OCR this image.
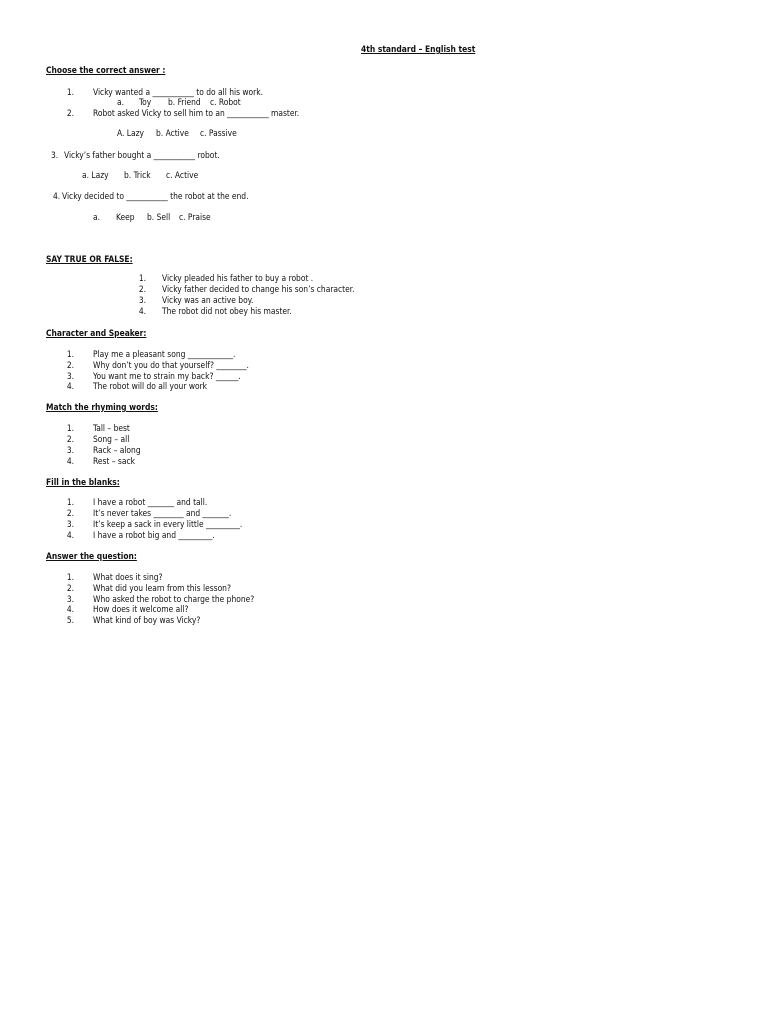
4th standard – English test
Choose the correct answer :
1. Vicky wanted a ___________ to do all his work.
a. Toy b. Friend c. Robot
2. Robot asked Vicky to sell him to an ___________ master.
A. Lazy b. Active c. Passive
3. Vicky’s father bought a ___________ robot.
a. Lazy b. Trick c. Active
4. Vicky decided to ___________ the robot at the end.
a. Keep b. Sell c. Praise
SAY TRUE OR FALSE:
1. Vicky pleaded his father to buy a robot .
2. Vicky father decided to change his son’s character.
3. Vicky was an active boy.
4. The robot did not obey his master.
Character and Speaker:
1. Play me a pleasant song ____________.
2. Why don’t you do that yourself? ________.
3. You want me to strain my back? ______.
4. The robot will do all your work
Match the rhyming words:
1. Tall – best
2. Song – all
3. Rack – along
4. Rest – sack
Fill in the blanks:
1. I have a robot _______ and tall.
2. It’s never takes ________ and _______.
3. It’s keep a sack in every little _________.
4. I have a robot big and _________.
Answer the question:
1. What does it sing?
2. What did you learn from this lesson?
3. Who asked the robot to charge the phone?
4. How does it welcome all?
5. What kind of boy was Vicky?
